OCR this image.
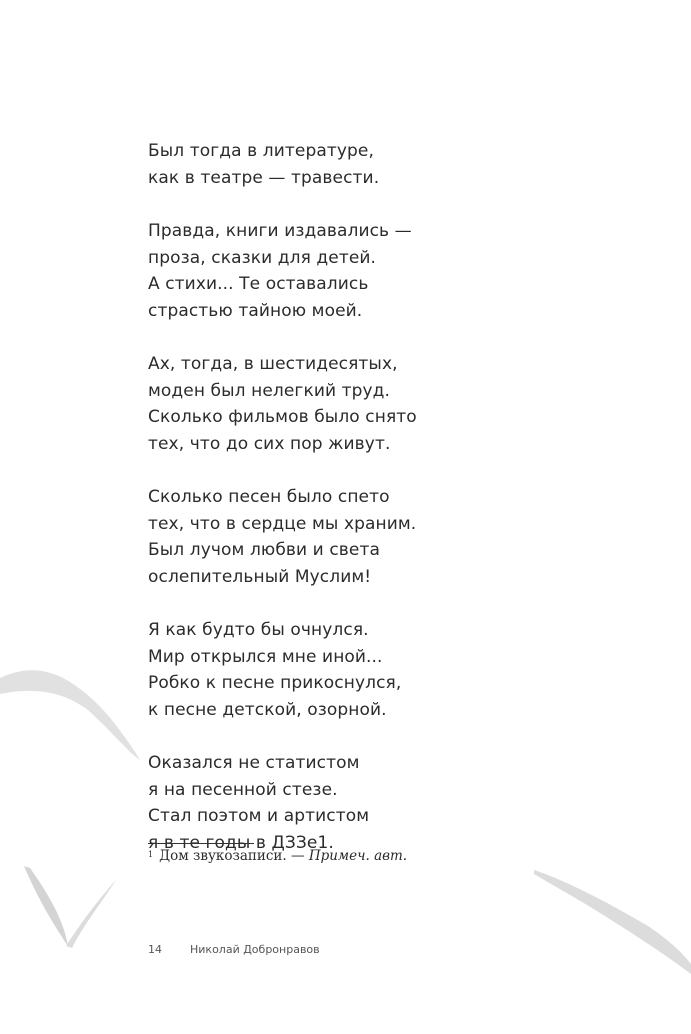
Был тогда в литературе,
как в театре — травести.
Правда, книги издавались —
проза, сказки для детей.
А стихи... Те оставались
страстью тайною моей.
Ах, тогда, в шестидесятых,
моден был нелегкий труд.
Сколько фильмов было снято
тех, что до сих пор живут.
Сколько песен было спето
тех, что в сердце мы храним.
Был лучом любви и света
ослепительный Муслим!
Я как будто бы очнулся.
Мир открылся мне иной...
Робко к песне прикоснулся,
к песне детской, озорной.
Оказался не статистом
я на песенной стезе.
Стал поэтом и артистом
я в те годы в ДЗЗе1.
$^1$ Дом звукозаписи. — Примеч. авт.
14	Николай Добронравов
